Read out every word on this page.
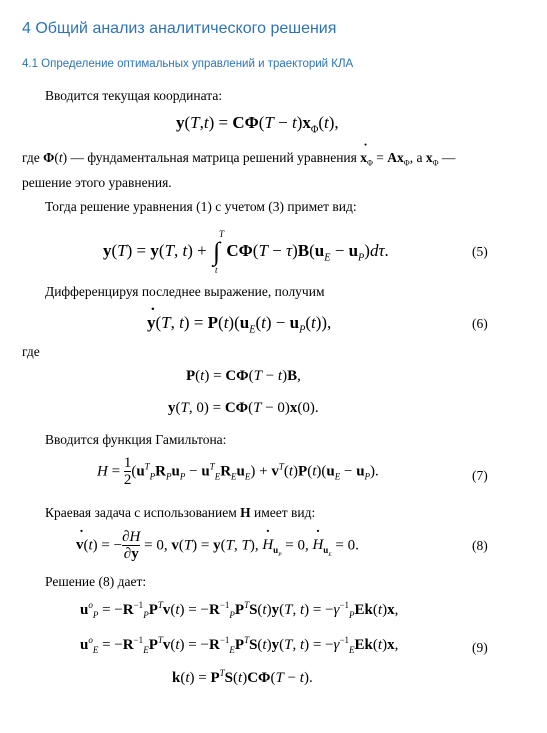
4 Общий анализ аналитического решения
4.1 Определение оптимальных управлений и траекторий КЛА
Вводится текущая координата:
$y(T,t) = C\Phi(T - t)x_\Phi(t)$,
где Φ(t) — фундаментальная матрица решений уравнения ˙ $x_\Phi = Ax_\Phi$, а $x_\Phi$ —
решение этого уравнения.
Тогда решение уравнения (1) с учетом (3) примет вид:
y(T) = y(T, t) + ∫
T
t
$C\Phi(T - \tau)B(u_E - u_P)d\tau$.	(5)
Дифференцируя последнее выражение, получим
˙ y(T, $t) = P(t)(u_E(t) - u_P(t))$,	(6)
где
P(t) = CΦ(T − t)B,
y(T, 0) = CΦ(T − 0)x(0).
Вводится функция Гамильтона:
$H = \frac{1}{2} (u^T_PR_Pu_P - u^T_ER_Eu_E) + v^T(t)P(t)(u_E - u_P)$.	(7)
Краевая задача с использованием H имеет вид:
˙ v(t) = − $\frac{\partial H}{\partial y} = 0$, v(T) = y(T, T), ˙ $H_{u_P} = 0$, ˙ $H_{u_E} = 0$.	(8)
Решение (8) дает:
$u^o_P = -R^{-1}_PP^Tv(t) = -R^{-1}_PP^TS(t)y(T$, $t) = -\gamma^{-1}_PEk(t)x$,
$u^o_E = -R^{-1}_EP^Tv(t) = -R^{-1}_EP^TS(t)y(T$, $t) = -\gamma^{-1}_EEk(t)x$,	(9)
$k(t) = P^TS(t)C\Phi(T - t)$.
